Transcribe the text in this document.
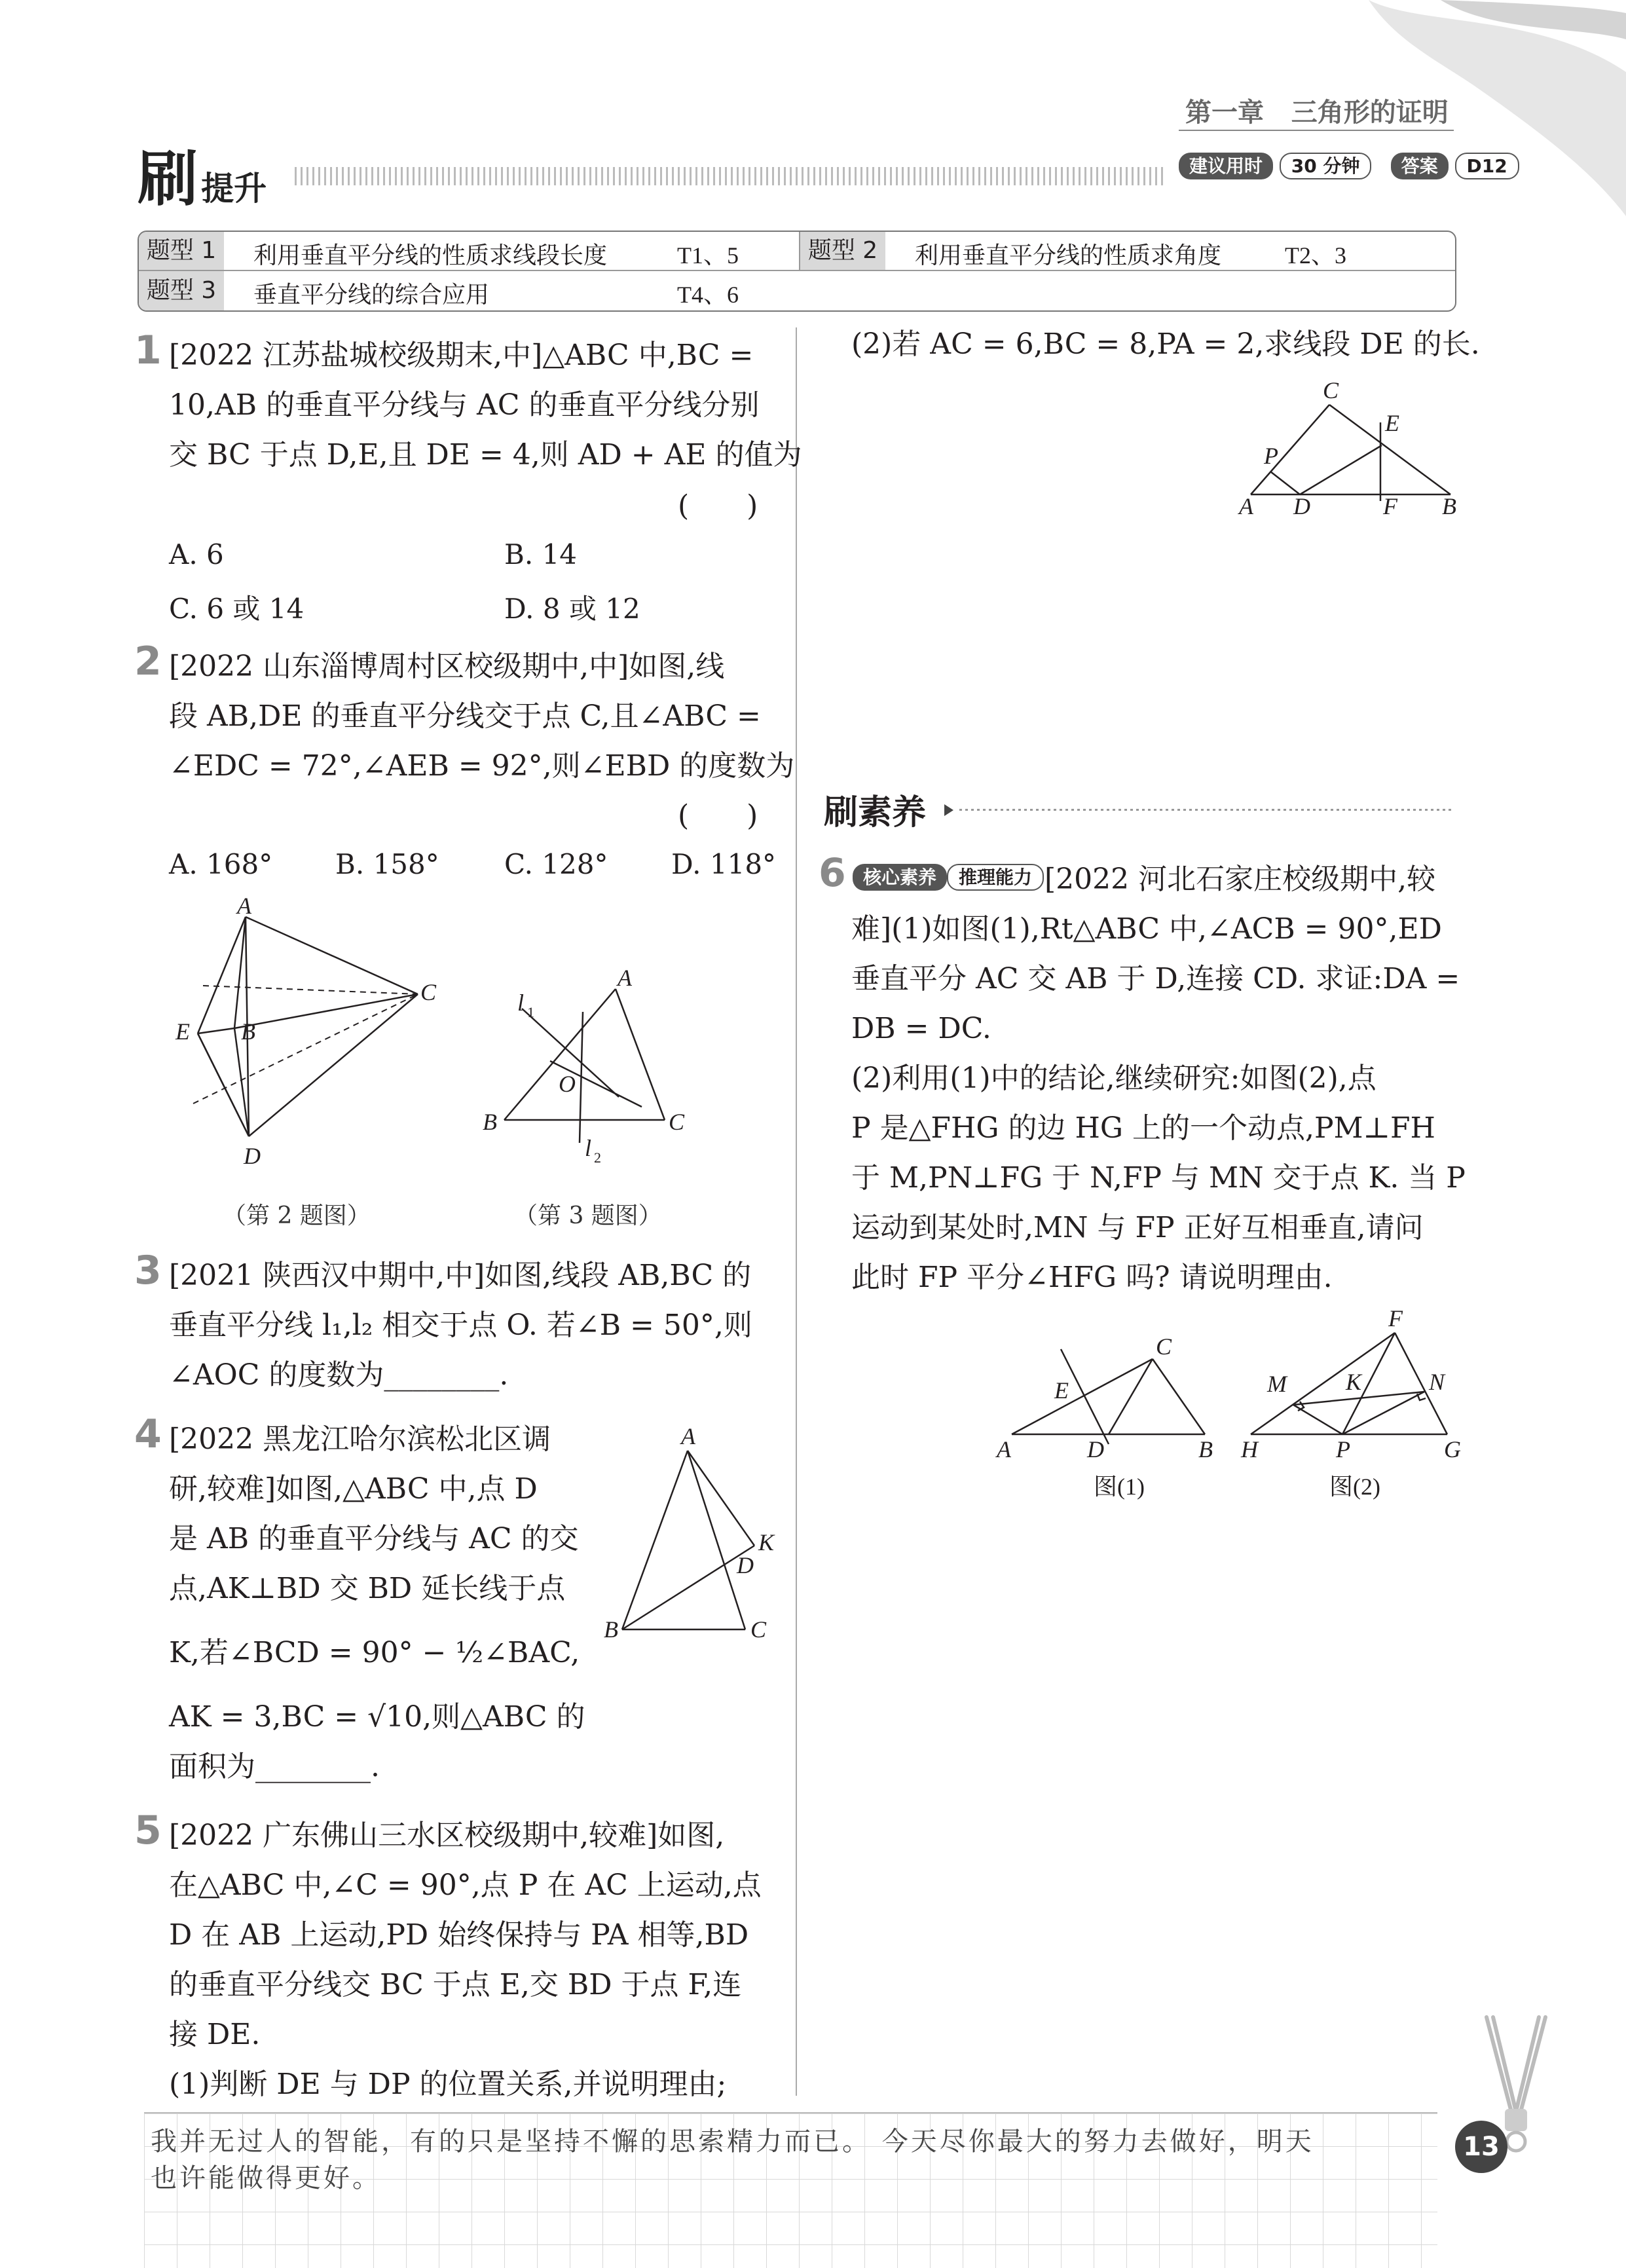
第一章 三角形的证明
刷 提升
建议用时 30 分钟 答案 D12
题型 1	利用垂直平分线的性质求线段长度	T1、5	题型 2	利用垂直平分线的性质求角度	T2、3
题型 3	垂直平分线的综合应用	T4、6
1 [2022 江苏盐城校级期末,中]△ABC 中,BC =
10,AB 的垂直平分线与 AC 的垂直平分线分别
交 BC 于点 D,E,且 DE = 4,则 AD + AE 的值为
(　　)
A. 6	B. 14
C. 6 或 14	D. 8 或 12
2 [2022 山东淄博周村区校级期中,中]如图,线
段 AB,DE 的垂直平分线交于点 C,且∠ABC =
∠EDC = 72°,∠AEB = 92°,则∠EBD 的度数为
(　　)
A. 168° B. 158° C. 128° D. 118°
A
C
E B
D
（第 2 题图）
A
B	C
O
l 1
l 2
（第 3 题图）
3 [2021 陕西汉中期中,中]如图,线段 AB,BC 的
垂直平分线 l₁,l₂ 相交于点 O. 若∠B = 50°,则
∠AOC 的度数为________.
4 [2022 黑龙江哈尔滨松北区调
研,较难]如图,△ABC 中,点 D
是 AB 的垂直平分线与 AC 的交
点,AK⊥BD 交 BD 延长线于点
K,若∠BCD = 90° − ½∠BAC,
AK = 3,BC = √10,则△ABC 的
面积为________.
A
B	C
D
K
5 [2022 广东佛山三水区校级期中,较难]如图,
在△ABC 中,∠C = 90°,点 P 在 AC 上运动,点
D 在 AB 上运动,PD 始终保持与 PA 相等,BD
的垂直平分线交 BC 于点 E,交 BD 于点 F,连
接 DE.
(1)判断 DE 与 DP 的位置关系,并说明理由;
(2)若 AC = 6,BC = 8,PA = 2,求线段 DE 的长.
C
E
P
A D	F B
刷素养
6 核心素养 推理能力 [2022 河北石家庄校级期中,较
难](1)如图(1),Rt△ABC 中,∠ACB = 90°,ED
垂直平分 AC 交 AB 于 D,连接 CD. 求证:DA =
DB = DC.
(2)利用(1)中的结论,继续研究:如图(2),点
P 是△FHG 的边 HG 上的一个动点,PM⊥FH
于 M,PN⊥FG 于 N,FP 与 MN 交于点 K. 当 P
运动到某处时,MN 与 FP 正好互相垂直,请问
此时 FP 平分∠HFG 吗? 请说明理由.
C
E
A	D	B
图(1)
F
M	K	N
H	P	G
图(2)
我并无过人的智能，有的只是坚持不懈的思索精力而已。 今天尽你最大的努力去做好，明天
也许能做得更好。
13
